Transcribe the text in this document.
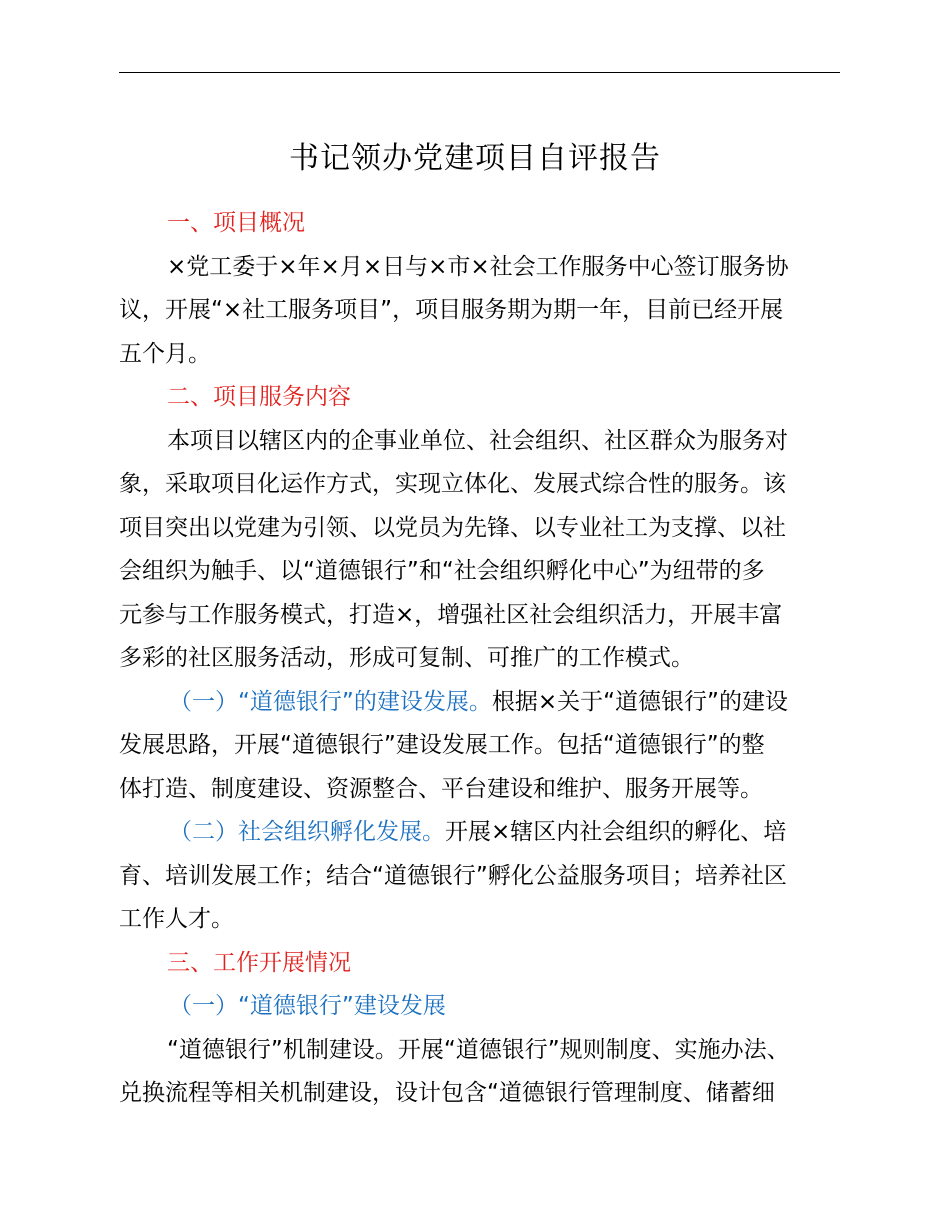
书记领办党建项目自评报告
一、项目概况
×党工委于×年×月×日与×市×社会工作服务中心签订服务协
议，开展“×社工服务项目”，项目服务期为期一年，目前已经开展
五个月。
二、项目服务内容
本项目以辖区内的企事业单位、社会组织、社区群众为服务对
象，采取项目化运作方式，实现立体化、发展式综合性的服务。该
项目突出以党建为引领、以党员为先锋、以专业社工为支撑、以社
会组织为触手、以“道德银行”和“社会组织孵化中心”为纽带的多
元参与工作服务模式，打造×，增强社区社会组织活力，开展丰富
多彩的社区服务活动，形成可复制、可推广的工作模式。
（一）“道德银行”的建设发展。根据×关于“道德银行”的建设
发展思路，开展“道德银行”建设发展工作。包括“道德银行”的整
体打造、制度建设、资源整合、平台建设和维护、服务开展等。
（二）社会组织孵化发展。开展×辖区内社会组织的孵化、培
育、培训发展工作；结合“道德银行”孵化公益服务项目；培养社区
工作人才。
三、工作开展情况
（一）“道德银行”建设发展
“道德银行”机制建设。开展“道德银行”规则制度、实施办法、
兑换流程等相关机制建设，设计包含“道德银行管理制度、储蓄细
